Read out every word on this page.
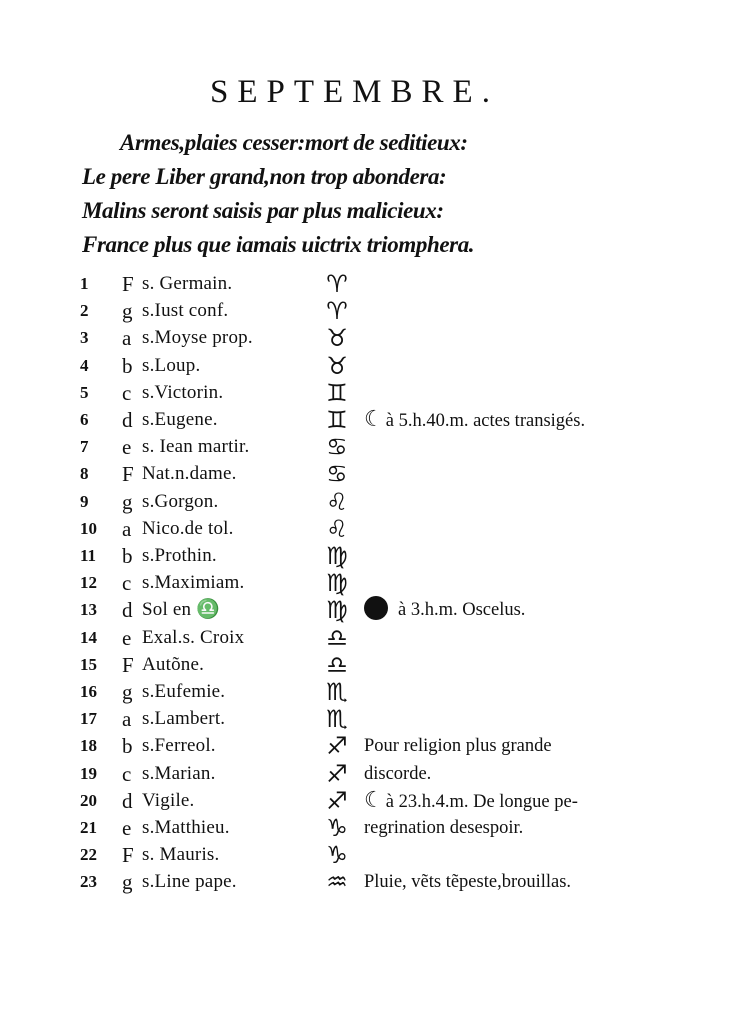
SEPTEMBRE.
Armes,plaies cesser:mort de seditieux:
Le pere Liber grand,non trop abondera:
Malins seront saisis par plus malicieux:
France plus que iamais uictrix triomphera.
1	F s. Germain.	♈
2	g s.Iust conf.	♈
3	a s.Moyse prop.	♉
4	b s.Loup.	♉
5	c s.Victorin.	♊
6	d s.Eugene.	♊ ☾ à 5.h.40.m. actes transigés.
7	e s. Iean martir.	♋
8	F Nat.n.dame.	♋
9	g s.Gorgon.	♌
10	a Nico.de tol.	♌
11	b s.Prothin.	♍
12	c s.Maximiam.	♍
13	d Sol en ♎	♍	à 3.h.m. Oscelus.
14	e Exal.s. Croix	♎
15	F Autõne.	♎
16	g s.Eufemie.	♏
17	a s.Lambert.	♏
18	b s.Ferreol.	♐ Pour religion plus grande
19	c s.Marian.	♐ discorde.
20	d Vigile.	♐ ☾ à 23.h.4.m. De longue pe-
21	e s.Matthieu.	♑ regrination desespoir.
22	F s. Mauris.	♑
23	g s.Line pape.	♒ Pluie, vẽts tẽpeste,brouillas.
